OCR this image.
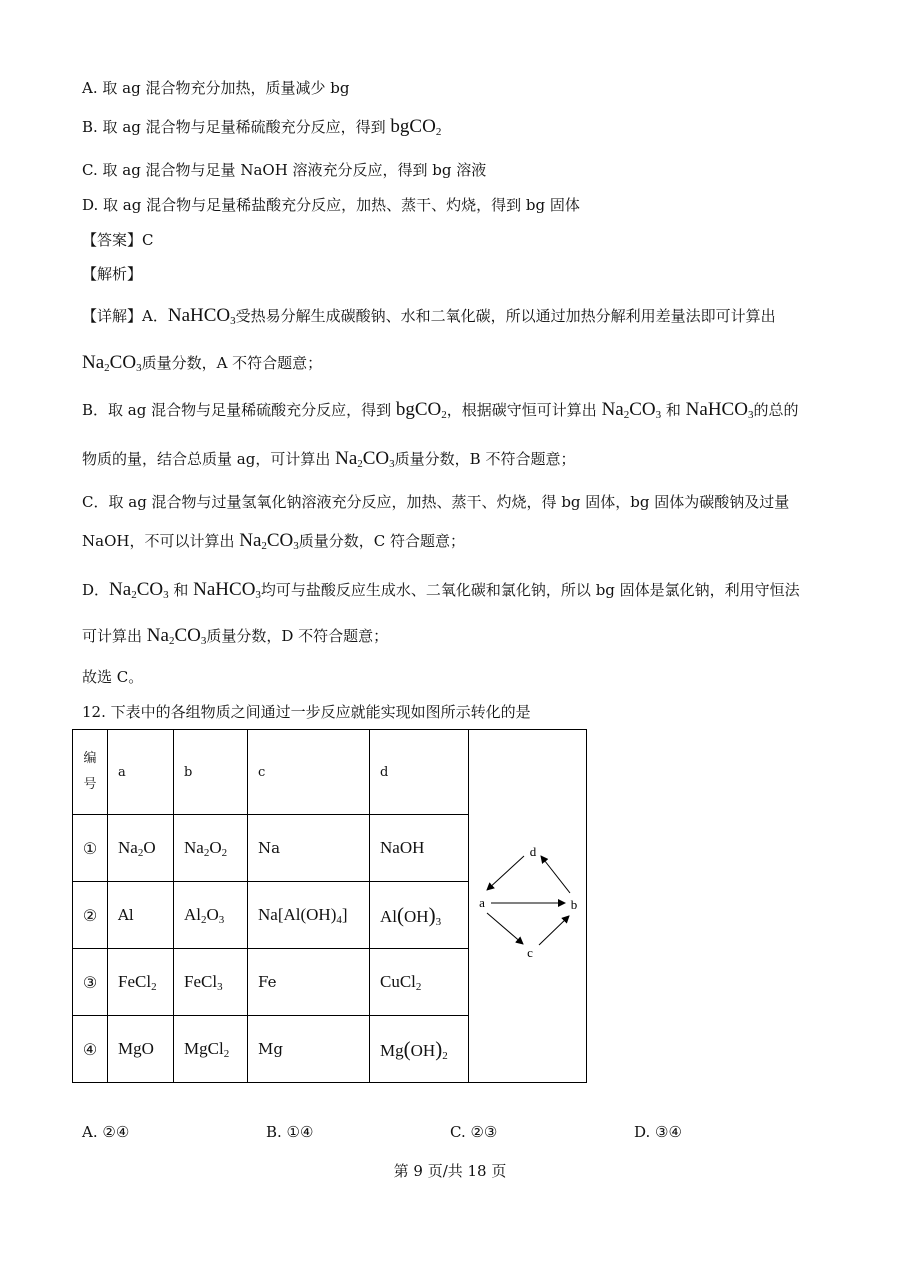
A. 取 ag 混合物充分加热，质量减少 bg
B. 取 ag 混合物与足量稀硫酸充分反应，得到 bgCO$_2$
C. 取 ag 混合物与足量 NaOH 溶液充分反应，得到 bg 溶液
D. 取 ag 混合物与足量稀盐酸充分反应，加热、蒸干、灼烧，得到 bg 固体
【答案】C
【解析】
【详解】A．NaHCO$_3$受热易分解生成碳酸钠、水和二氧化碳，所以通过加热分解利用差量法即可计算出
$Na_2CO_3$质量分数，A 不符合题意；
B．取 ag 混合物与足量稀硫酸充分反应，得到 bgCO$_2$，根据碳守恒可计算出 $Na_2CO_3$ 和 NaHCO$_3$的总的
物质的量，结合总质量 ag，可计算出 $Na_2CO_3$质量分数，B 不符合题意；
C．取 ag 混合物与过量氢氧化钠溶液充分反应，加热、蒸干、灼烧，得 bg 固体，bg 固体为碳酸钠及过量
NaOH，不可以计算出 $Na_2CO_3$质量分数，C 符合题意；
D．$Na_2CO_3$ 和 NaHCO$_3$均可与盐酸反应生成水、二氧化碳和氯化钠，所以 bg 固体是氯化钠，利用守恒法
可计算出 $Na_2CO_3$质量分数，D 不符合题意；
故选 C。
12. 下表中的各组物质之间通过一步反应就能实现如图所示转化的是
编
号	a	b	c	d	d
a b
c

①	$Na_2O$	$Na_2O_2$	Na	NaOH	
②	Al	$Al_2O_3$	$Na[Al(OH)_4]$	$Al(OH)_3$
③	FeCl$_2$	FeCl$_3$	Fe	CuCl$_2$
④	MgO	MgCl$_2$	Mg	$Mg(OH)_2$
A. ②④	B. ①④	C. ②③	D. ③④
第 9 页/共 18 页
